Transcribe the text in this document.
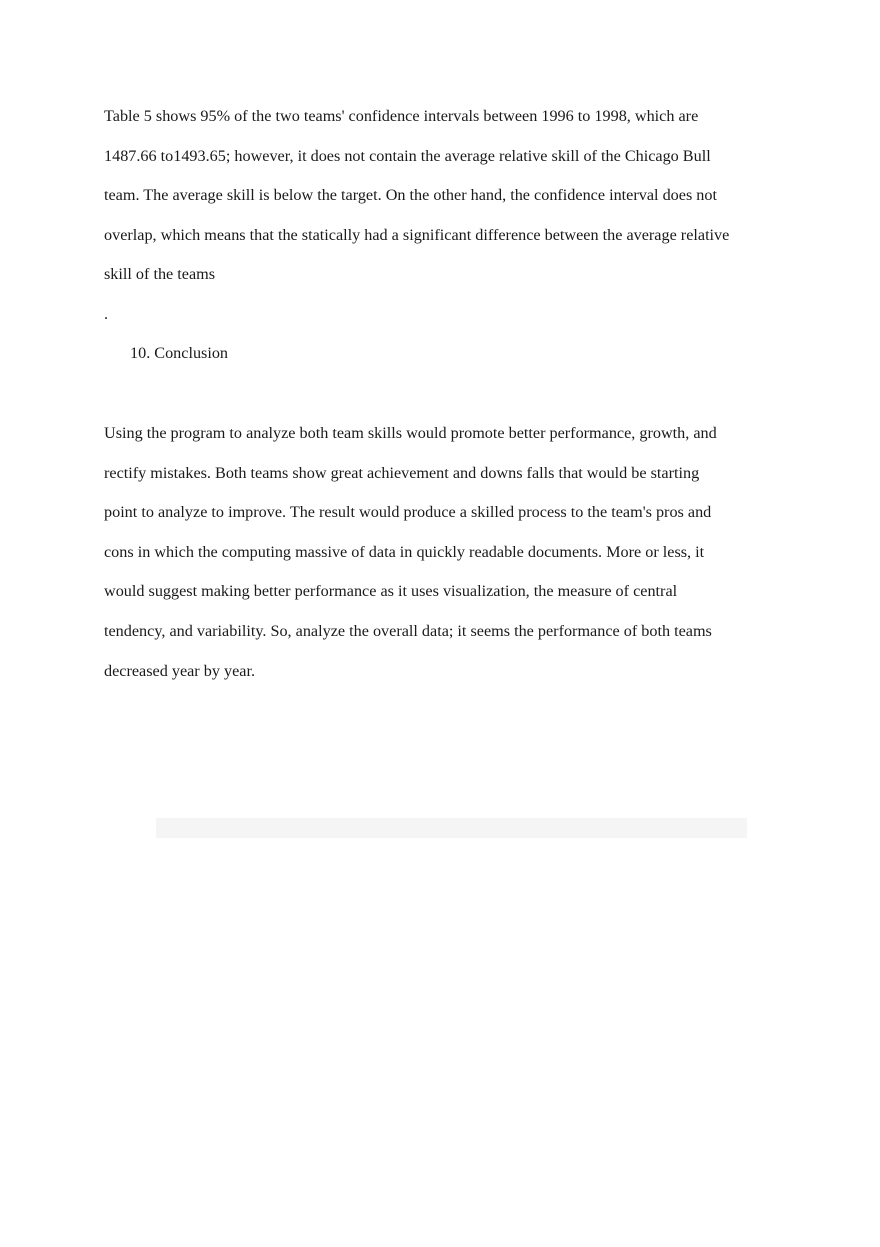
Table 5 shows 95% of the two teams' confidence intervals between 1996 to 1998, which are
1487.66 to1493.65; however, it does not contain the average relative skill of the Chicago Bull
team. The average skill is below the target. On the other hand, the confidence interval does not
overlap, which means that the statically had a significant difference between the average relative
skill of the teams

.

10. Conclusion

Using the program to analyze both team skills would promote better performance, growth, and
rectify mistakes. Both teams show great achievement and downs falls that would be starting
point to analyze to improve. The result would produce a skilled process to the team's pros and
cons in which the computing massive of data in quickly readable documents. More or less, it
would suggest making better performance as it uses visualization, the measure of central
tendency, and variability. So, analyze the overall data; it seems the performance of both teams
decreased year by year.
